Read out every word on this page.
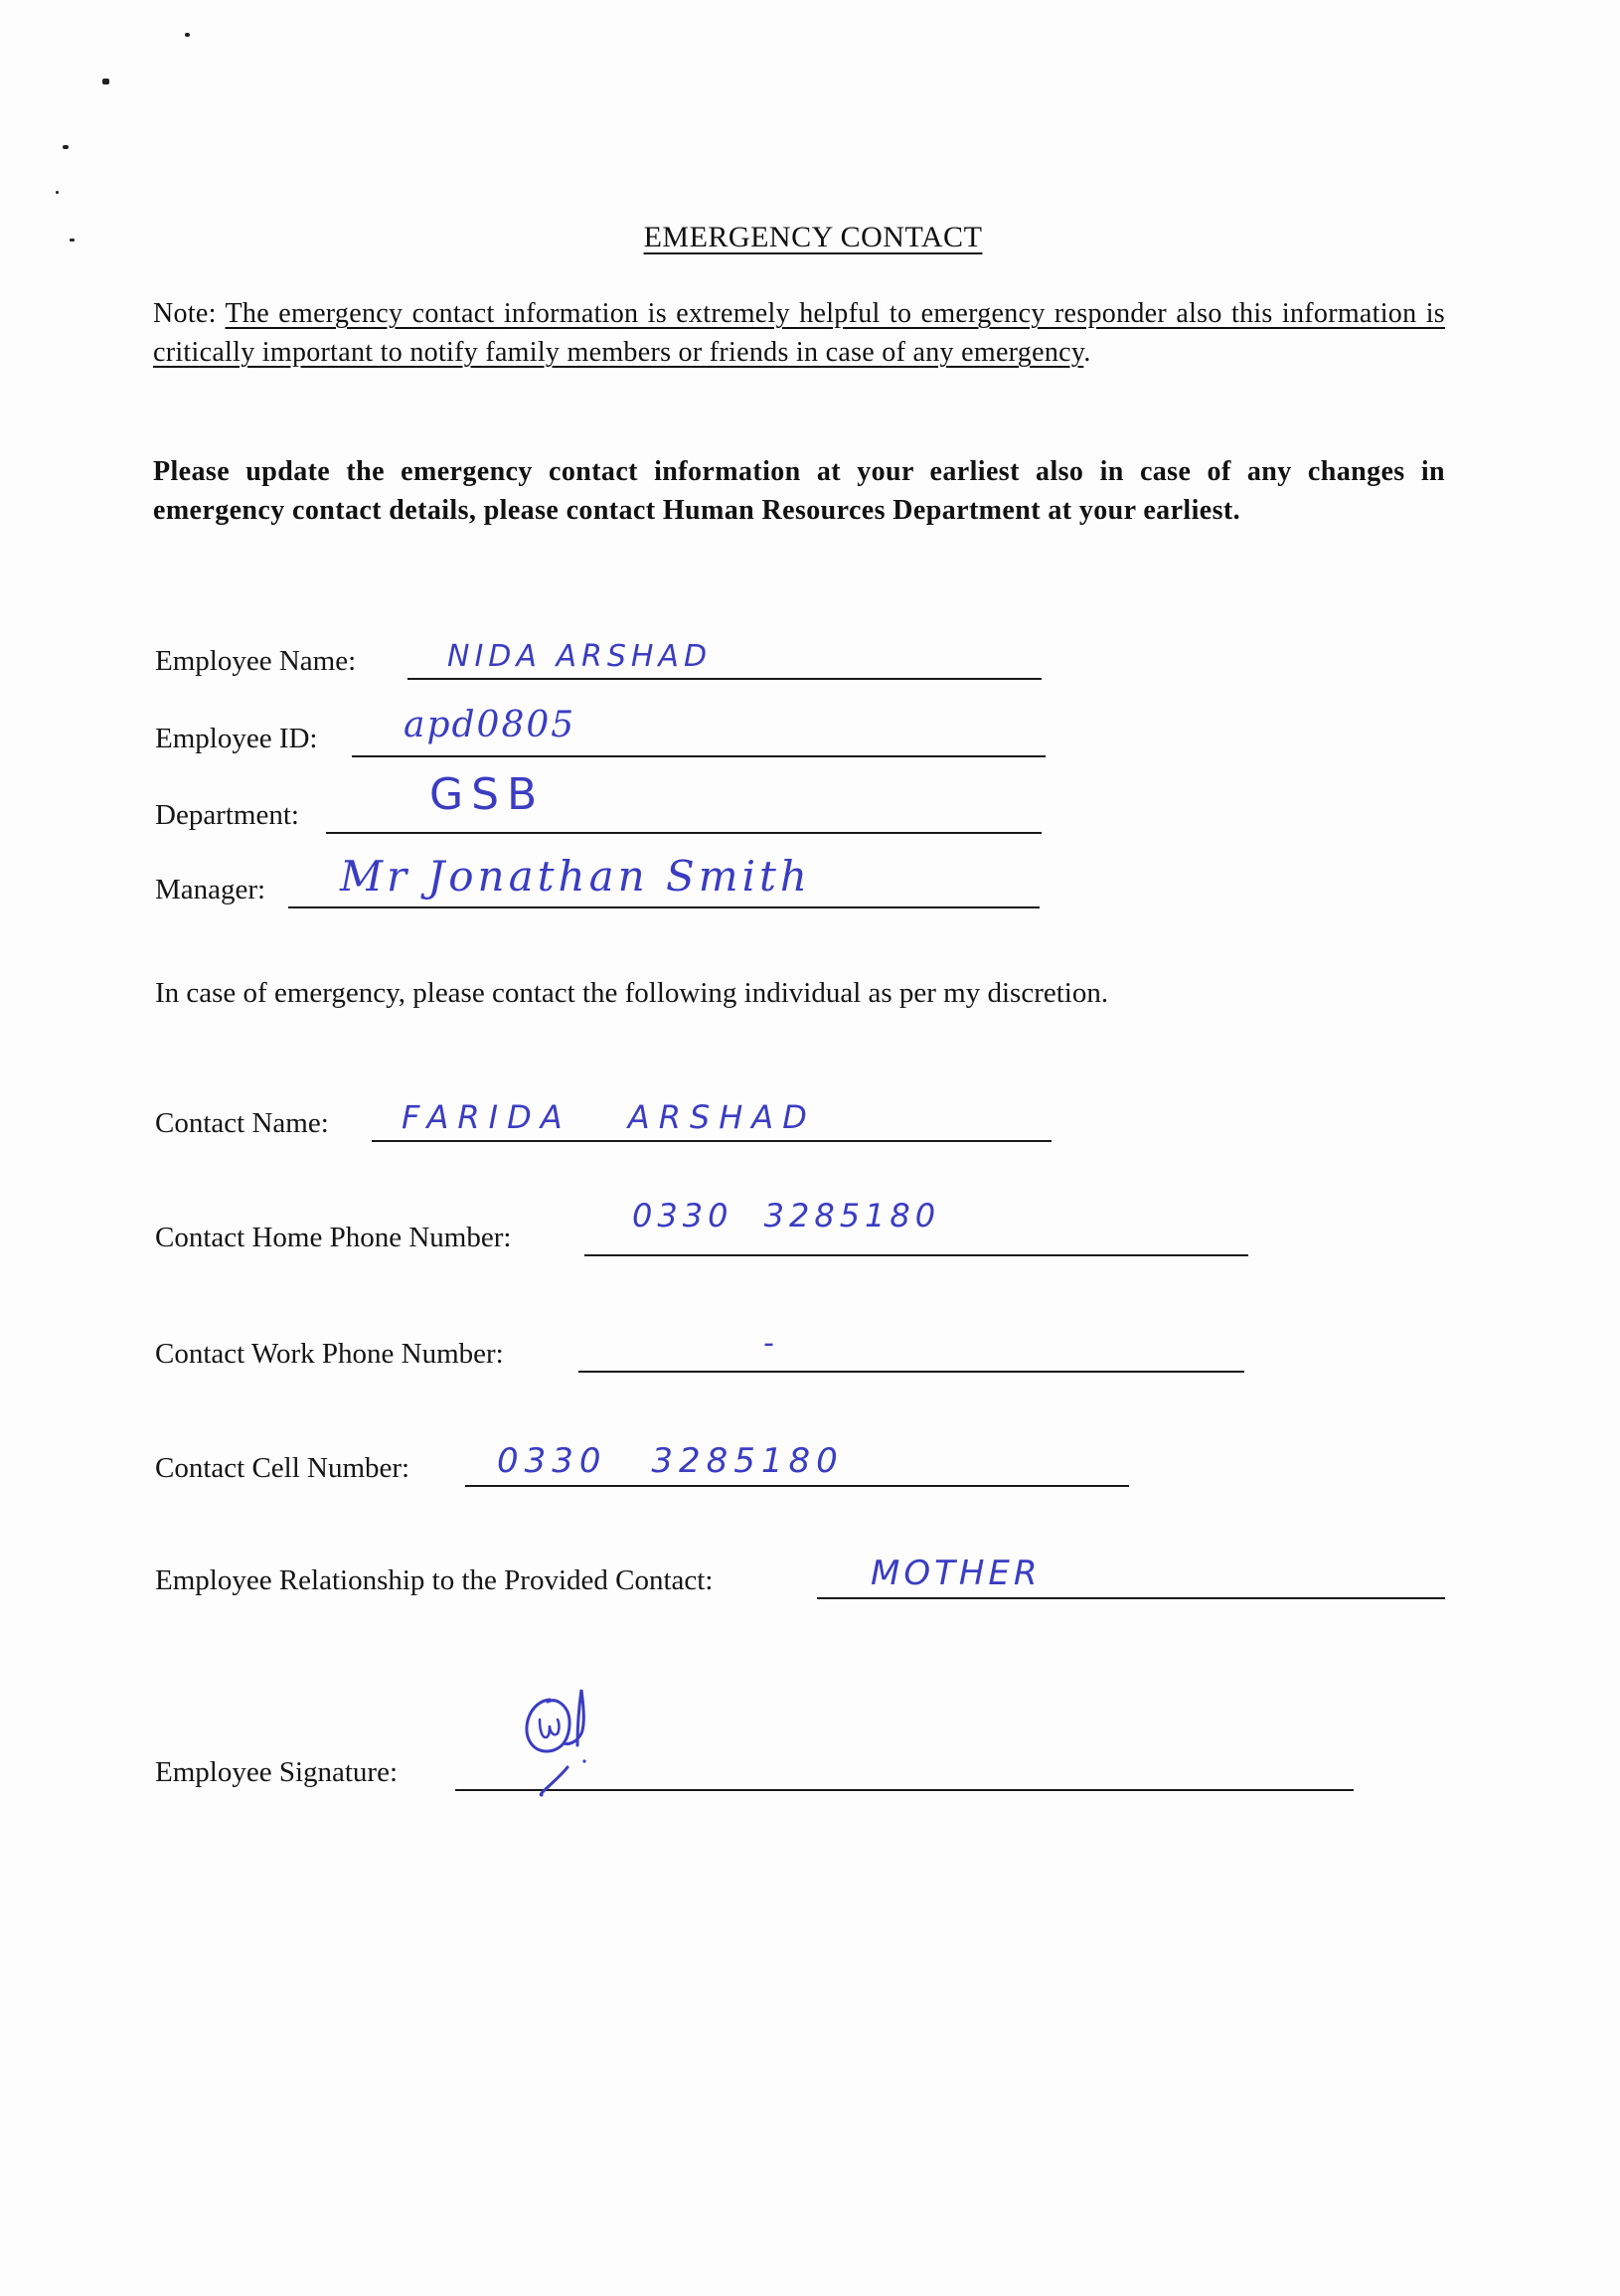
EMERGENCY CONTACT
Note: The emergency contact information is extremely helpful to emergency responder also this information is critically important to notify family members or friends in case of any emergency.
Please update the emergency contact information at your earliest also in case of any changes in emergency contact details, please contact Human Resources Department at your earliest.
Employee Name:	NIDA ARSHAD
Employee ID: apd0805
Department:	GSB
Manager: Mr Jonathan Smith
In case of emergency, please contact the following individual as per my discretion.
Contact Name: FARIDA ARSHAD
Contact Home Phone Number:
0330 3285180
Contact Work Phone Number:	-
Contact Cell Number:	0330 3285180
Employee Relationship to the Provided Contact:	MOTHER
Employee Signature:
